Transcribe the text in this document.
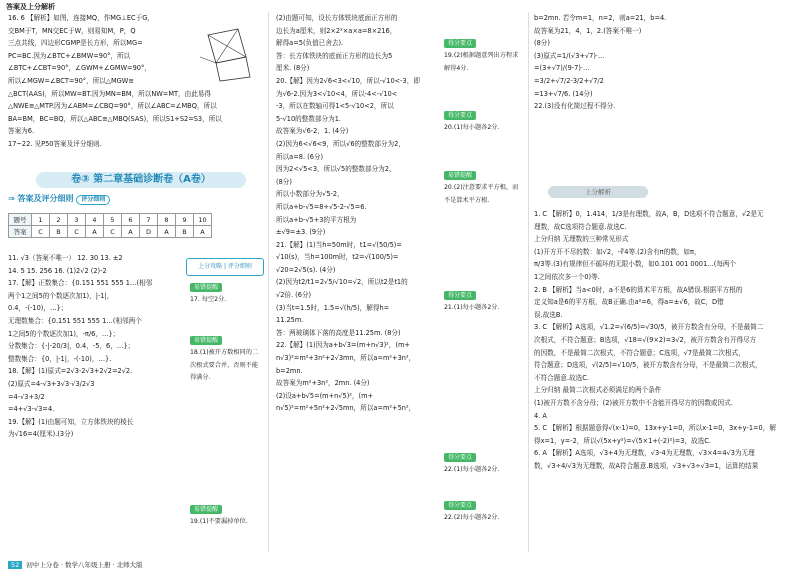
答案及上分解析
16. 6 【解析】如图，连接MQ，作MG⊥EC于G，
交BM于T，MN交EC于W，则易知M，P，Q
三点共线，四边形CGMP是长方形，所以MG=
PC=BC.因为∠BTC+∠BMW=90°，所以
∠BTC+∠CBT=90°，∠GWM+∠GMW=90°，
所以∠MGW=∠BCT=90°，所以△MGW≌
△BCT(AAS)，所以MW=BT.因为MN=BM，所以NW=MT，由此易得
△NWE≌△MTP.因为∠ABM=∠CBQ=90°，所以∠ABC=∠MBQ，所以
BA=BM，BC=BQ，所以△ABC≌△MBQ(SAS)，所以S1+S2=S3，所以
答案为6.
17~22. 见P50答案及评分细则.
卷③ 第二章基础诊断卷（A卷）
⇒ 答案及评分细则 评分细则
题号	1	2	3	4	5	6	7	8	9	10
答案	C	B	C	A	C	A	D	A	B	A
11. √3（答案不唯一） 12. 30 13. ±2
14. 5 15. 256 16. (1)2√2 (2)-2
17.【解】正数集合：{0.151 551 555 1…(相邻
两个1之间5的个数逐次加1)，|-1|，
0.4，-(-10)，…}；
无理数集合：{0.151 551 555 1…(相邻两个
1之间5的个数逐次加1)，-π/6，…}；
分数集合：{-|-20/3|，0.4，-5，6，…}；
整数集合：{0，|-1|，-(-10)，…}.
18.【解】(1)原式=2√3-2√3+2√2=2√2.
(2)原式=4-√3+3√3·√3/2√3
=4-√3+3/2
=4+√3-√3=4.
19.【解】(1)由题可知，立方体铁块的棱长
为√16=4(厘米).(3分)
上分攻略 | 评分细则
易错提醒
17. 每空2分.
易错提醒
18.(1)被开方数相同的二次根式要合并，否则不能得满分.
易错提醒
19.(1)不要漏掉单位.
(2)由题可知，设长方体铁块底面正方形的
边长为a厘米，则2×2²×a×a=8×216，
解得a=5(负值已舍去).
答：长方体铁块的底面正方形的边长为5
厘米. (8分)
20.【解】因为2√6<3<√10，所以-√10<-3，即
为√6-2.因为3<√10<4，所以-4<-√10<
-3，所以在数轴可得1<5-√10<2，所以
5-√10的整数部分为1.
故答案为√6-2，1. (4分)
(2)因为6<√6<9，所以√6的整数部分为2，
所以a=8. (6分)
因为2<√5<3，所以√5的整数部分为2，
(8分)
所以小数部分为√5-2，
所以a+b-√5=8+√5-2-√5=6.
所以a+b-√5+3的平方根为
±√9=±3. (9分)
21.【解】(1)当h=50m时，t1=√(50/5)=
√10(s)，当h=100m时，t2=√(100/5)=
√20=2√5(s). (4分)
(2)因为t2/t1=2√5/√10=√2，所以t2是t1的
√2倍. (6分)
(3)当t=1.5时，1.5=√(h/5)，解得h=
11.25m.
答：两玻璃体下落的高度是11.25m. (8分)
22.【解】(1)因为a+b√3=(m+n√3)²，(m+
n√3)²=m²+3n²+2√3mn，所以a=m²+3n²，
b=2mn.
故答案为m²+3n²，2mn. (4分)
(2)设a+b√5=(m+n√5)²，(m+
n√5)²=m²+5n²+2√5mn，所以a=m²+5n²，
得分要点
19.(2)根据题意列出方程求解得4分.
得分要点
20.(1)每小题各2分.
易错提醒
20.(2)注意要求平方根，而不是算术平方根.
得分要点
21.(1)每小题各2分.
得分要点
22.(1)每小题各2分.
得分要点
22.(2)每小题各2分.
b=2mn. 若令m=1，n=2，则a=21，b=4.
故答案为21，4，1，2.(答案不唯一)
(8分)
(3)原式=1/(√3+√7)·...
=(3+√7)/(9-7)·...
=3/2+√7/2-3/2+√7/2
=13+√7/6. (14分)
22.(3)没有化简过程不得分.
上分解析
1. C 【解析】0，1.414，1/3是有理数，故A，B，D选项不符合题意，√2是无
理数，故C选项符合题意.故选C.
上分归纳 无理数的三种常见形式
(1)开方开不尽的数：如√2，-∛4等.(2)含有π的数，如π，
π/3等.(3)有规律但不循环的无限小数，如0.101 001 0001…(每两个
1之间依次多一个0)等.
2. B 【解析】当a<0时，a不是6的算术平方根，故A错误.根据平方根的
定义知a是6的平方根，故B正确.由a²=6，得a=±√6，故C，D错
误.故选B.
3. C 【解析】A选项，√1.2=√(6/5)=√30/5，被开方数含有分母，不是最简二
次根式，不符合题意；B选项，√18=√(9×2)=3√2，被开方数含有开得尽方
的因数，不是最简二次根式，不符合题意；C选项，√7是最简二次根式，
符合题意；D选项，√(2/5)=√10/5，被开方数含有分母，不是最简二次根式，
不符合题意.故选C.
上分归纳 最简二次根式必须满足的两个条件
(1)被开方数不含分母；(2)被开方数中不含能开得尽方的因数或因式.
4. A
5. C 【解析】根据题意得√(x-1)=0，13x+y-1=0，所以x-1=0，3x+y-1=0，解
得x=1，y=-2，所以√(5x+y²)=√(5×1+(-2)²)=3，故选C.
6. A 【解析】A选项，√3+4为无理数，√3-4为无理数，√3×4=4√3为无理
数，√3÷4/√3为无理数，故A符合题意.B选项，√3+√3÷√3=1，运算的结果
52 初中上分卷 · 数学八年级上册 · 北师大版
